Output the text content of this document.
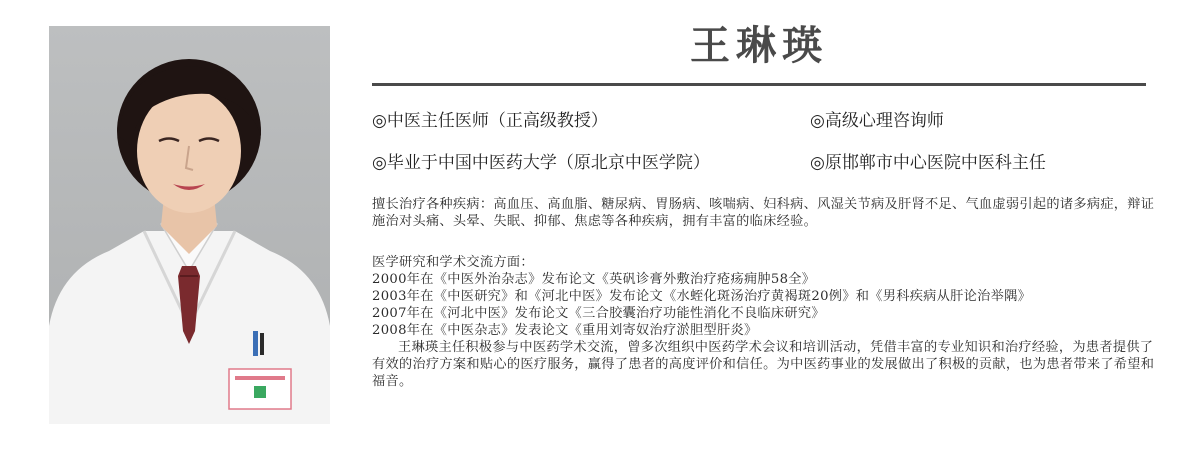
王琳瑛
◎中医主任医师（正高级教授）	◎高级心理咨询师
◎毕业于中国中医药大学（原北京中医学院）	◎原邯郸市中心医院中医科主任
擅长治疗各种疾病：高血压、高血脂、糖尿病、胃肠病、咳喘病、妇科病、风湿关节病及肝肾不足、气血虚弱引起的诸多病症，辩证施治对头痛、头晕、失眠、抑郁、焦虑等各种疾病，拥有丰富的临床经验。
医学研究和学术交流方面：
2000年在《中医外治杂志》发布论文《英矾诊膏外敷治疗疮疡痈肿58全》
2003年在《中医研究》和《河北中医》发布论文《水蛭化斑汤治疗黄褐斑20例》和《男科疾病从肝论治举隅》
2007年在《河北中医》发布论文《三合胶囊治疗功能性消化不良临床研究》
2008年在《中医杂志》发表论文《重用刘寄奴治疗淤胆型肝炎》
王琳瑛主任积极参与中医药学术交流，曾多次组织中医药学术会议和培训活动，凭借丰富的专业知识和治疗经验，为患者提供了有效的治疗方案和贴心的医疗服务，赢得了患者的高度评价和信任。为中医药事业的发展做出了积极的贡献，也为患者带来了希望和福音。
